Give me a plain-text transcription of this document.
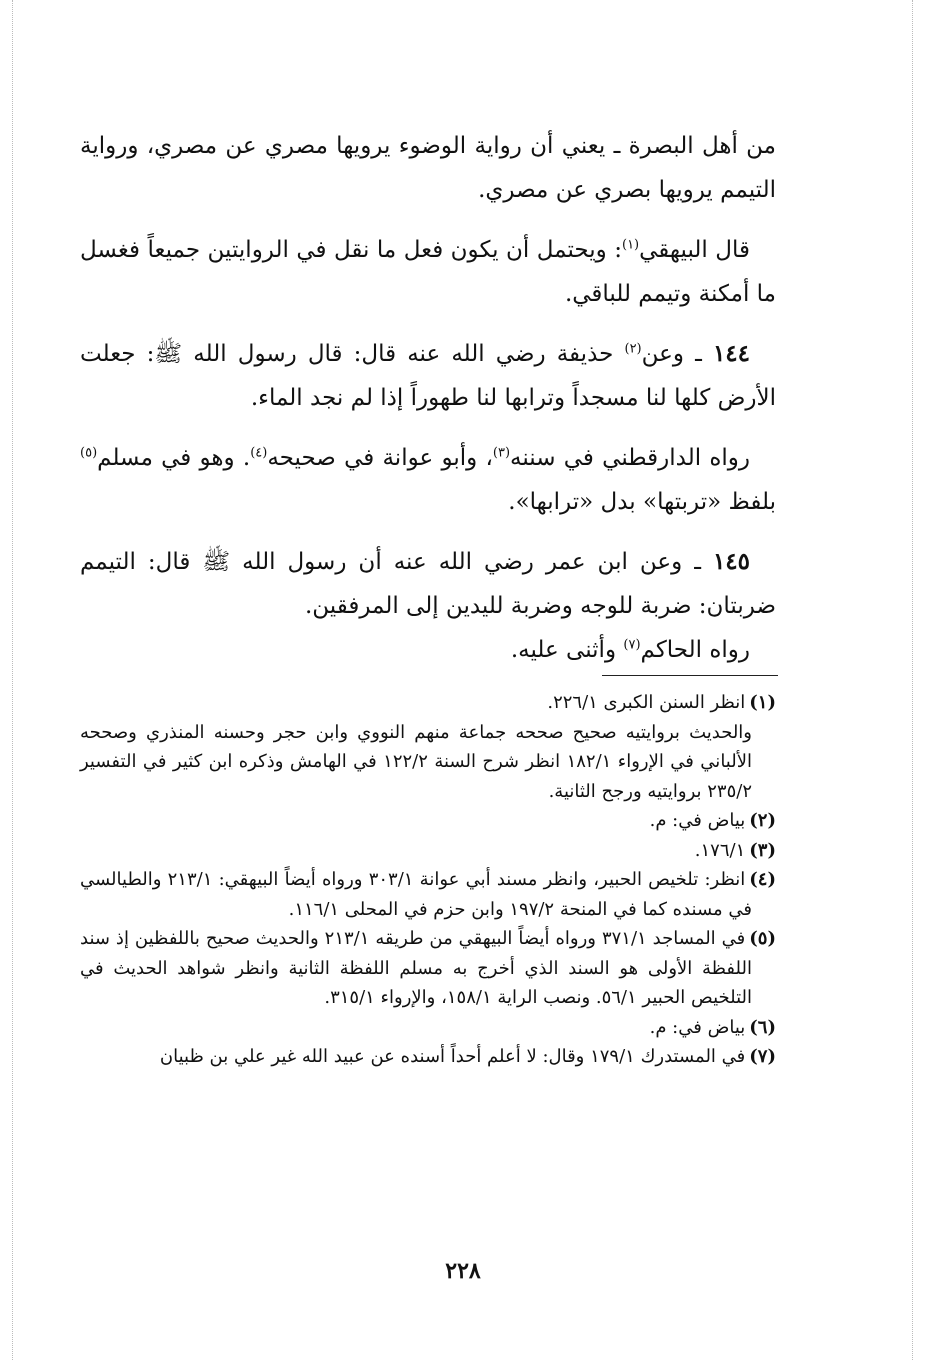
من أهل البصرة ـ يعني أن رواية الوضوء يرويها مصري عن مصري، ورواية التيمم يرويها بصري عن مصري.

قال البيهقي$^{(١)}$: ويحتمل أن يكون فعل ما نقل في الروايتين جميعاً فغسل ما أمكنة وتيمم للباقي.

١٤٤ ـ وعن$^{(٢)}$ حذيفة رضي الله عنه قال: قال رسول الله ﷺ: جعلت الأرض كلها لنا مسجداً وترابها لنا طهوراً إذا لم نجد الماء.

رواه الدارقطني في سننه$^{(٣)}$، وأبو عوانة في صحيحه$^{(٤)}$. وهو في مسلم$^{(٥)}$ بلفظ «تربتها» بدل «ترابها».

١٤٥ ـ وعن ابن عمر رضي الله عنه أن رسول الله ﷺ قال: التيمم ضربتان: ضربة للوجه وضربة لليدين إلى المرفقين.

رواه الحاكم$^{(٧)}$ وأثنى عليه.

(١)انظر السنن الكبرى ٢٢٦/١.

والحديث بروايتيه صحيح صححه جماعة منهم النووي وابن حجر وحسنه المنذري وصححه الألباني في الإرواء ١٨٢/١ انظر شرح السنة ١٢٢/٢ في الهامش وذكره ابن كثير في التفسير ٢٣٥/٢ بروايتيه ورجح الثانية.

(٢)بياض في: م.

(٣)١٧٦/١.

(٤)انظر: تلخيص الحبير، وانظر مسند أبي عوانة ٣٠٣/١ ورواه أيضاً البيهقي: ٢١٣/١ والطيالسي في مسنده كما في المنحة ١٩٧/٢ وابن حزم في المحلى ١١٦/١.

(٥)في المساجد ٣٧١/١ ورواه أيضاً البيهقي من طريقه ٢١٣/١ والحديث صحيح باللفظين إذ سند اللفظة الأولى هو السند الذي أخرج به مسلم اللفظة الثانية وانظر شواهد الحديث في التلخيص الحبير ٥٦/١. ونصب الراية ١٥٨/١، والإرواء ٣١٥/١.

(٦)بياض في: م.

(٧)في المستدرك ١٧٩/١ وقال: لا أعلم أحداً أسنده عن عبيد الله غير علي بن ظبيان

٢٢٨
